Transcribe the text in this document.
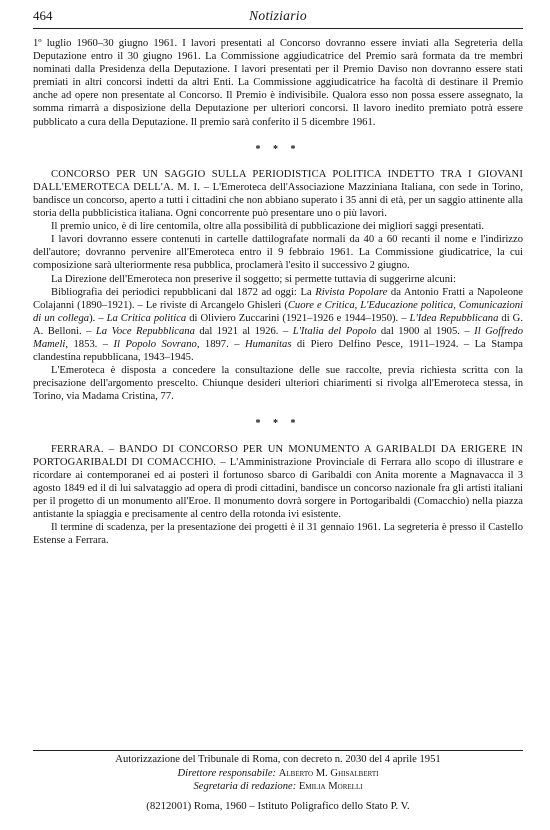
464	Notiziario

1º luglio 1960–30 giugno 1961. I lavori presentati al Concorso dovranno essere inviati alla Segreteria della Deputazione entro il 30 giugno 1961. La Commissione aggiudicatrice del Premio sarà formata da tre membri nominati dalla Presidenza della Deputazione. I lavori presentati per il Premio Daviso non dovranno essere stati premiati in altri concorsi indetti da altri Enti. La Commissione aggiudicatrice ha facoltà di destinare il Premio anche ad opere non presentate al Concorso. Il Premio è indivisibile. Qualora esso non possa essere assegnato, la somma rimarrà a disposizione della Deputazione per ulteriori concorsi. Il lavoro inedito premiato potrà essere pubblicato a cura della Deputazione. Il premio sarà conferito il 5 dicembre 1961.

* * *

CONCORSO PER UN SAGGIO SULLA PERIODISTICA POLITICA INDETTO TRA I GIOVANI DALL'EMEROTECA DELL'A. M. I. – L'Emeroteca dell'Associazione Mazziniana Italiana, con sede in Torino, bandisce un concorso, aperto a tutti i cittadini che non abbiano superato i 35 anni di età, per un saggio attinente alla storia della pubblicistica italiana. Ogni concorrente può presentare uno o più lavori.

Il premio unico, è di lire centomila, oltre alla possibilità di pubblicazione dei migliori saggi presentati.

I lavori dovranno essere contenuti in cartelle dattilografate normali da 40 a 60 recanti il nome e l'indirizzo dell'autore; dovranno pervenire all'Emeroteca entro il 9 febbraio 1961. La Commissione giudicatrice, la cui composizione sarà ulteriormente resa pubblica, proclamerà l'esito il successivo 2 giugno.

La Direzione dell'Emeroteca non preserive il soggetto; si permette tuttavia di suggerirne alcuni:

Bibliografia dei periodici repubblicani dal 1872 ad oggi: La Rivista Popolare da Antonio Fratti a Napoleone Colajanni (1890–1921). – Le riviste di Arcangelo Ghisleri (Cuore e Critica, L'Educazione politica, Comunicazioni di un collega). – La Critica politica di Oliviero Zuccarini (1921–1926 e 1944–1950). – L'Idea Repubblicana di G. A. Belloni. – La Voce Repubblicana dal 1921 al 1926. – L'Italia del Popolo dal 1900 al 1905. – Il Goffredo Mameli, 1853. – Il Popolo Sovrano, 1897. – Humanitas di Piero Delfino Pesce, 1911–1924. – La Stampa clandestina repubblicana, 1943–1945.

L'Emeroteca è disposta a concedere la consultazione delle sue raccolte, previa richiesta scritta con la precisazione dell'argomento prescelto. Chiunque desideri ulteriori chiarimenti si rivolga all'Emeroteca stessa, in Torino, via Madama Cristina, 77.

* * *

FERRARA. – BANDO DI CONCORSO PER UN MONUMENTO A GARIBALDI DA ERIGERE IN PORTOGARIBALDI DI COMACCHIO. – L'Amministrazione Provinciale di Ferrara allo scopo di illustrare e ricordare ai contemporanei ed ai posteri il fortunoso sbarco di Garibaldi con Anita morente a Magnavacca il 3 agosto 1849 ed il di lui salvataggio ad opera di prodi cittadini, bandisce un concorso nazionale fra gli artisti italiani per il progetto di un monumento all'Eroe. Il monumento dovrà sorgere in Portogaribaldi (Comacchio) nella piazza antistante la spiaggia e precisamente al centro della rotonda ivi esistente.

Il termine di scadenza, per la presentazione dei progetti è il 31 gennaio 1961. La segreteria è presso il Castello Estense a Ferrara.

Autorizzazione del Tribunale di Roma, con decreto n. 2030 del 4 aprile 1951
Direttore responsabile: Alberto M. Ghisalberti
Segretaria di redazione: Emilia Morelli
(8212001) Roma, 1960 – Istituto Poligrafico dello Stato P. V.
